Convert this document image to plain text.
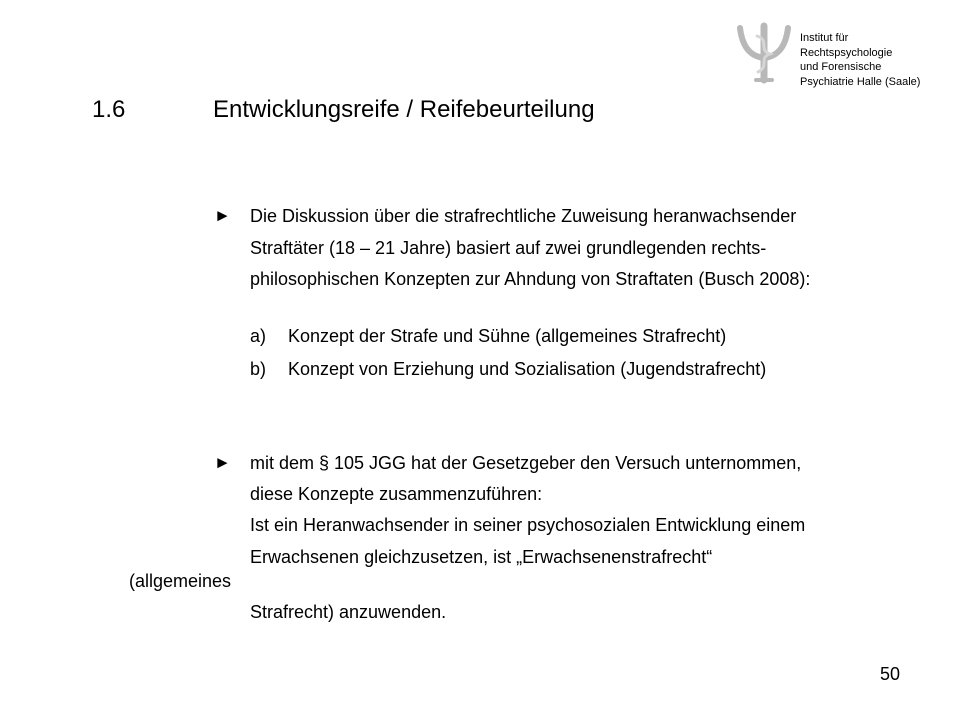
Institut für
Rechtspsychologie
und Forensische
Psychiatrie Halle (Saale)
1.6	Entwicklungsreife / Reifebeurteilung
► Die Diskussion über die strafrechtliche Zuweisung heranwachsender
Straftäter (18 – 21 Jahre) basiert auf zwei grundlegenden rechts-
philosophischen Konzepten zur Ahndung von Straftaten (Busch 2008):
a) Konzept der Strafe und Sühne (allgemeines Strafrecht)
b) Konzept von Erziehung und Sozialisation (Jugendstrafrecht)
► mit dem § 105 JGG hat der Gesetzgeber den Versuch unternommen,
diese Konzepte zusammenzuführen:
Ist ein Heranwachsender in seiner psychosozialen Entwicklung einem
Erwachsenen gleichzusetzen, ist „Erwachsenenstrafrecht“
(allgemeines
Strafrecht) anzuwenden.
50
